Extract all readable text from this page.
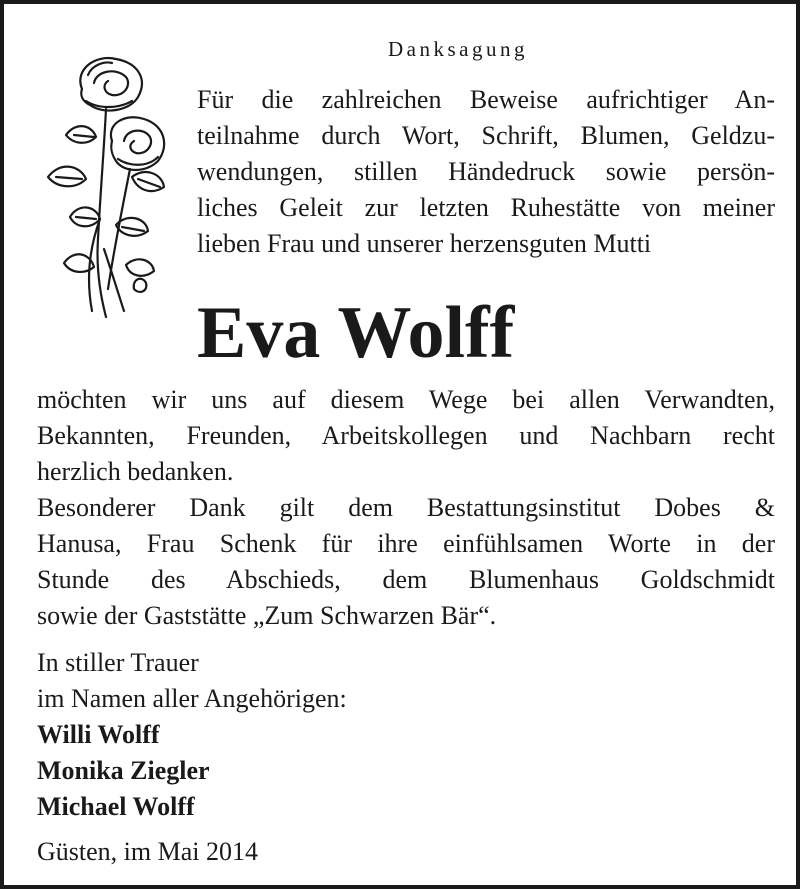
Danksagung
Für die zahlreichen Beweise aufrichtiger An-
teilnahme durch Wort, Schrift, Blumen, Geldzu-
wendungen, stillen Händedruck sowie persön-
liches Geleit zur letzten Ruhestätte von meiner
lieben Frau und unserer herzensguten Mutti
Eva Wolff
möchten wir uns auf diesem Wege bei allen Verwandten,
Bekannten, Freunden, Arbeitskollegen und Nachbarn recht
herzlich bedanken.
Besonderer Dank gilt dem Bestattungsinstitut Dobes &
Hanusa, Frau Schenk für ihre einfühlsamen Worte in der
Stunde des Abschieds, dem Blumenhaus Goldschmidt
sowie der Gaststätte „Zum Schwarzen Bär“.
In stiller Trauer
im Namen aller Angehörigen:
Willi Wolff
Monika Ziegler
Michael Wolff
Güsten, im Mai 2014
